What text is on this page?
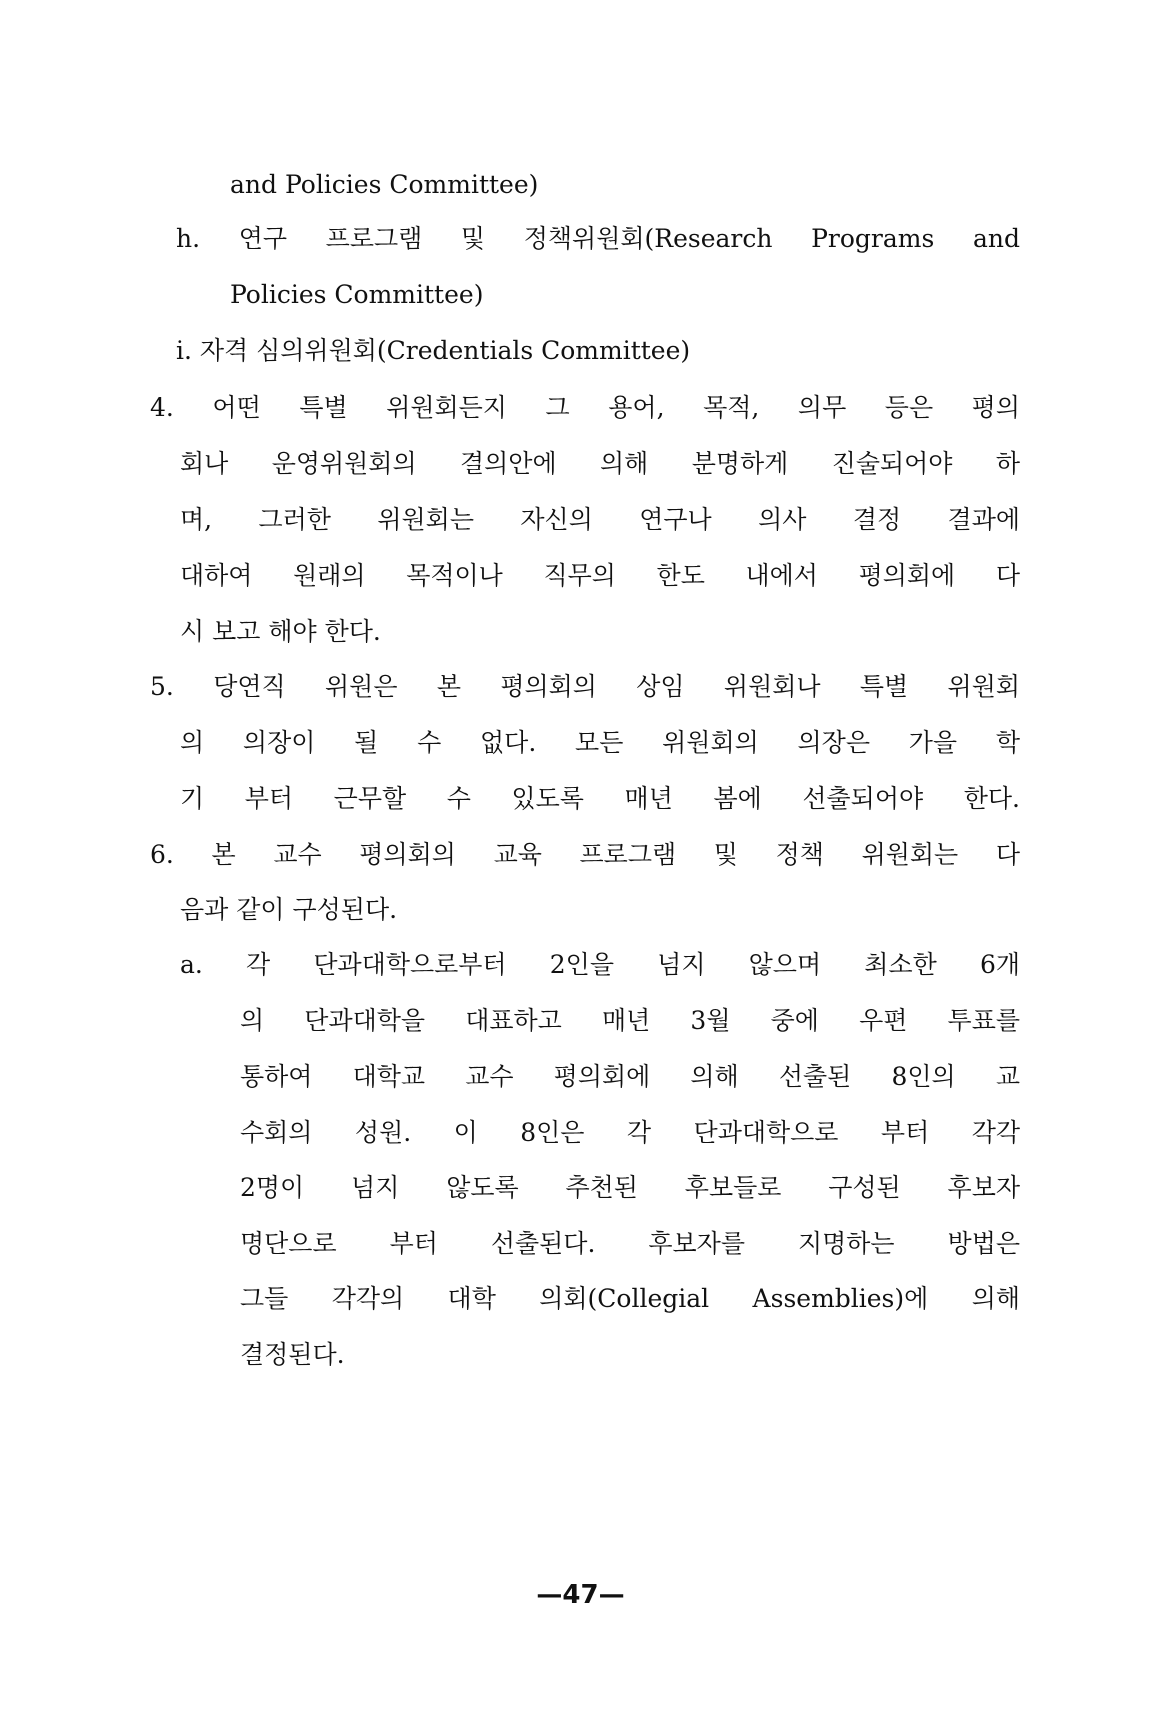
and Policies Committee)

h. 연구 프로그램 및 정책위원회(Research Programs and

Policies Committee)

i. 자격 심의위원회(Credentials Committee)

4. 어떤 특별 위원회든지 그 용어, 목적, 의무 등은 평의

회나 운영위원회의 결의안에 의해 분명하게 진술되어야 하

며, 그러한 위원회는 자신의 연구나 의사 결정 결과에

대하여 원래의 목적이나 직무의 한도 내에서 평의회에 다

시 보고 해야 한다.

5. 당연직 위원은 본 평의회의 상임 위원회나 특별 위원회

의 의장이 될 수 없다. 모든 위원회의 의장은 가을 학

기 부터 근무할 수 있도록 매년 봄에 선출되어야 한다.

6. 본 교수 평의회의 교육 프로그램 및 정책 위원회는 다

음과 같이 구성된다.

a. 각 단과대학으로부터 2인을 넘지 않으며 최소한 6개

의 단과대학을 대표하고 매년 3월 중에 우편 투표를

통하여 대학교 교수 평의회에 의해 선출된 8인의 교

수회의 성원. 이 8인은 각 단과대학으로 부터 각각

2명이 넘지 않도록 추천된 후보들로 구성된 후보자

명단으로 부터 선출된다. 후보자를 지명하는 방법은

그들 각각의 대학 의회(Collegial Assemblies)에 의해

결정된다.

—47—
